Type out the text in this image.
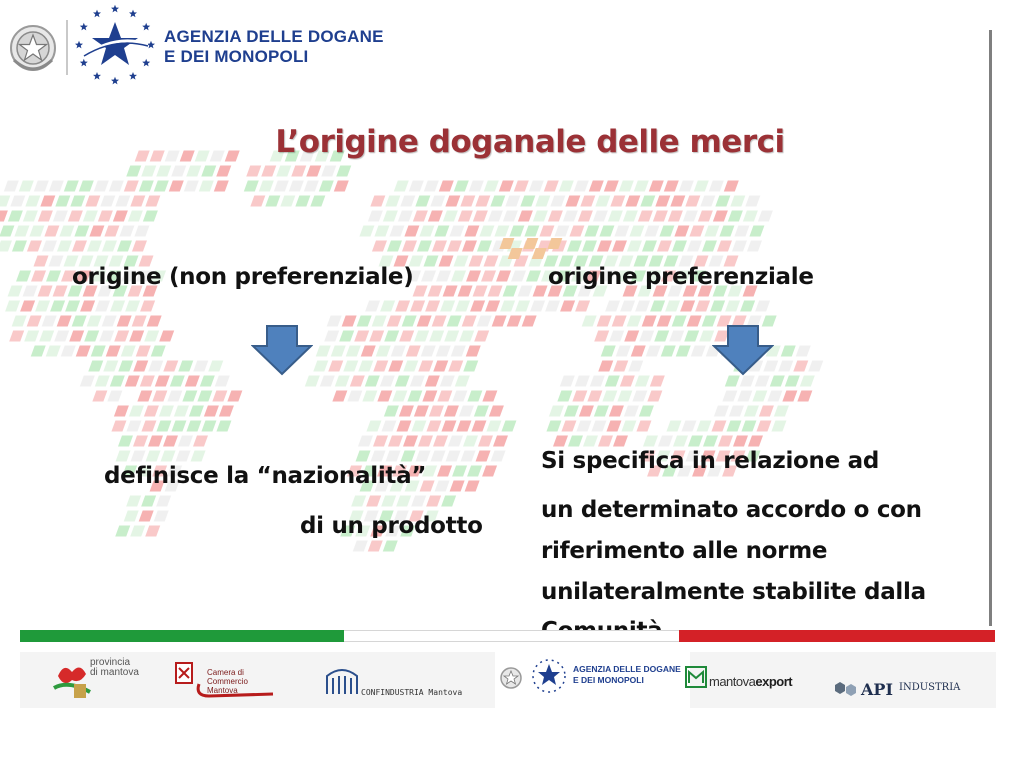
AGENZIA DELLE DOGANE
E DEI MONOPOLI
L’origine doganale delle merci
origine (non preferenziale)	origine preferenziale
definisce la “nazionalità”
di un prodotto
Si specifica in relazione ad
un determinato accordo o con
riferimento alle norme
unilateralmente stabilite dalla
provincia
di mantova	Camera di Commercio Mantova	CONFINDUSTRIA Mantova
AGENZIA DELLE DOGANE
E DEI MONOPOLI	mantovaexport	API INDUSTRIA
